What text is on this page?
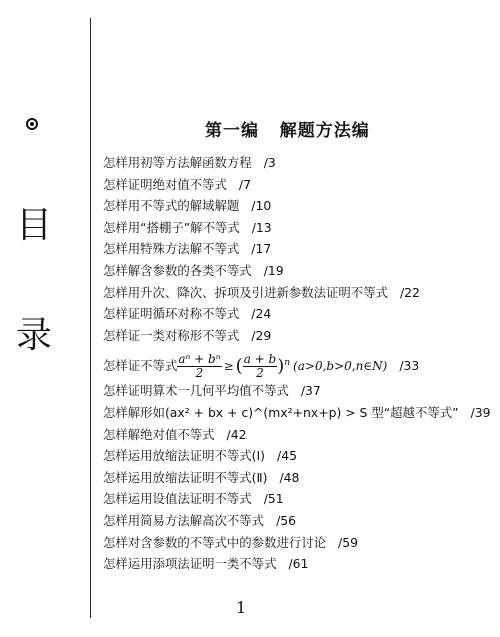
目
录
第一编   解题方法编
怎样用初等方法解函数方程 /3
怎样证明绝对值不等式 /7
怎样用不等式的解域解题 /10
怎样用“搭棚子”解不等式 /13
怎样用特殊方法解不等式 /17
怎样解含参数的各类不等式 /19
怎样用升次、降次、拆项及引进新参数法证明不等式 /22
怎样证明循环对称不等式 /24
怎样证一类对称形不等式 /29
怎样证不等式 $\frac{\text{aⁿ + bⁿ}}{2}$ ≥ ( $\frac{a + b}{2} )^n$ (a>0,b>0,n∈N) /33
怎样证明算术一几何平均值不等式 /37
怎样解形如(ax² + bx + c)^(mx²+nx+p) > S 型“超越不等式” /39
怎样解绝对值不等式 /42
怎样运用放缩法证明不等式(Ⅰ) /45
怎样运用放缩法证明不等式(Ⅱ) /48
怎样运用设值法证明不等式 /51
怎样用简易方法解高次不等式 /56
怎样对含参数的不等式中的参数进行讨论 /59
怎样运用添项法证明一类不等式 /61
1
